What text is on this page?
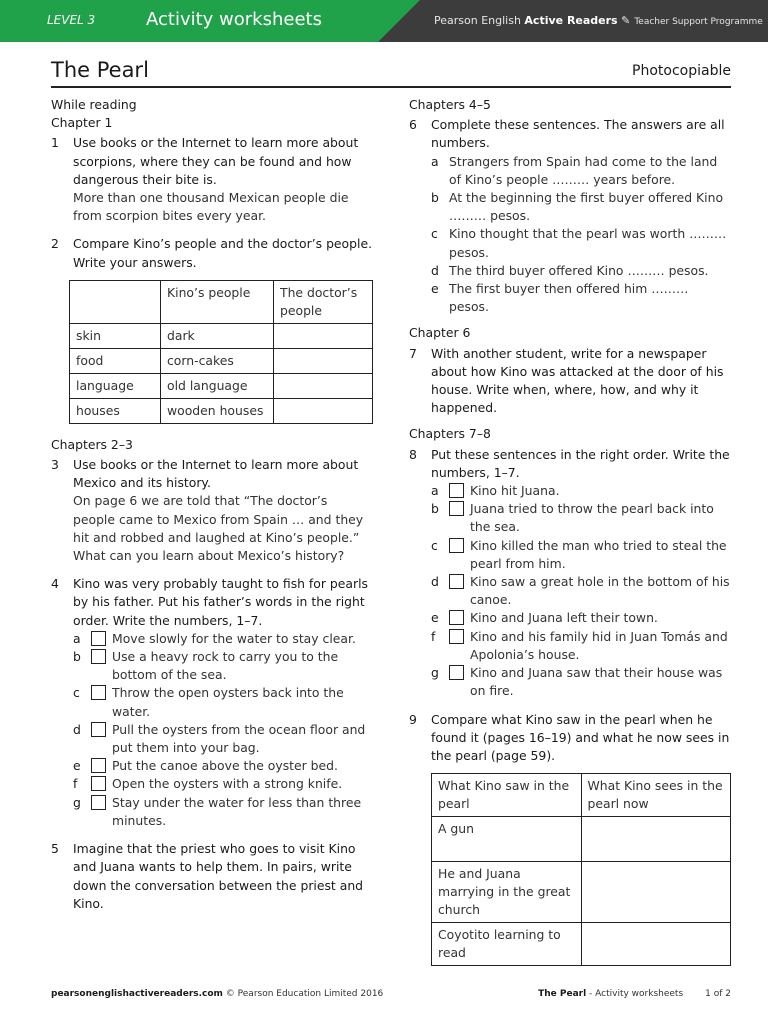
LEVEL 3	Activity worksheets	Pearson English Active Readers ✎ Teacher Support Programme
The Pearl	Photocopiable
While reading
Chapter 1
1	Use books or the Internet to learn more about scorpions, where they can be found and how dangerous their bite is.
More than one thousand Mexican people die from scorpion bites every year.
2	Compare Kino’s people and the doctor’s people. Write your answers.
	Kino’s people	The doctor’s people
skin	dark	
food	corn-cakes	
language	old language	
houses	wooden houses	
Chapters 2–3
3	Use books or the Internet to learn more about Mexico and its history.
On page 6 we are told that “The doctor’s people came to Mexico from Spain … and they hit and robbed and laughed at Kino’s people.” What can you learn about Mexico’s history?
4	Kino was very probably taught to fish for pearls by his father. Put his father’s words in the right order. Write the numbers, 1–7.
a	Move slowly for the water to stay clear.
b	Use a heavy rock to carry you to the bottom of the sea.
c	Throw the open oysters back into the water.
d	Pull the oysters from the ocean floor and put them into your bag.
e	Put the canoe above the oyster bed.
f	Open the oysters with a strong knife.
g	Stay under the water for less than three minutes.
5	Imagine that the priest who goes to visit Kino and Juana wants to help them. In pairs, write down the conversation between the priest and Kino.
Chapters 4–5
6	Complete these sentences. The answers are all numbers.
a Strangers from Spain had come to the land of Kino’s people ……… years before.
b At the beginning the first buyer offered Kino ……… pesos.
c Kino thought that the pearl was worth ……… pesos.
d The third buyer offered Kino ……… pesos.
e The first buyer then offered him ……… pesos.
Chapter 6
7	With another student, write for a newspaper about how Kino was attacked at the door of his house. Write when, where, how, and why it happened.
Chapters 7–8
8	Put these sentences in the right order. Write the numbers, 1–7.
a	Kino hit Juana.
b	Juana tried to throw the pearl back into the sea.
c	Kino killed the man who tried to steal the pearl from him.
d	Kino saw a great hole in the bottom of his canoe.
e	Kino and Juana left their town.
f	Kino and his family hid in Juan Tomás and Apolonia’s house.
g	Kino and Juana saw that their house was on fire.
9	Compare what Kino saw in the pearl when he found it (pages 16–19) and what he now sees in the pearl (page 59).
What Kino saw in the pearl	What Kino sees in the pearl now
A gun	
He and Juana marrying in the great church	
Coyotito learning to read	
pearsonenglishactivereaders.com © Pearson Education Limited 2016	The Pearl - Activity worksheets 1 of 2
